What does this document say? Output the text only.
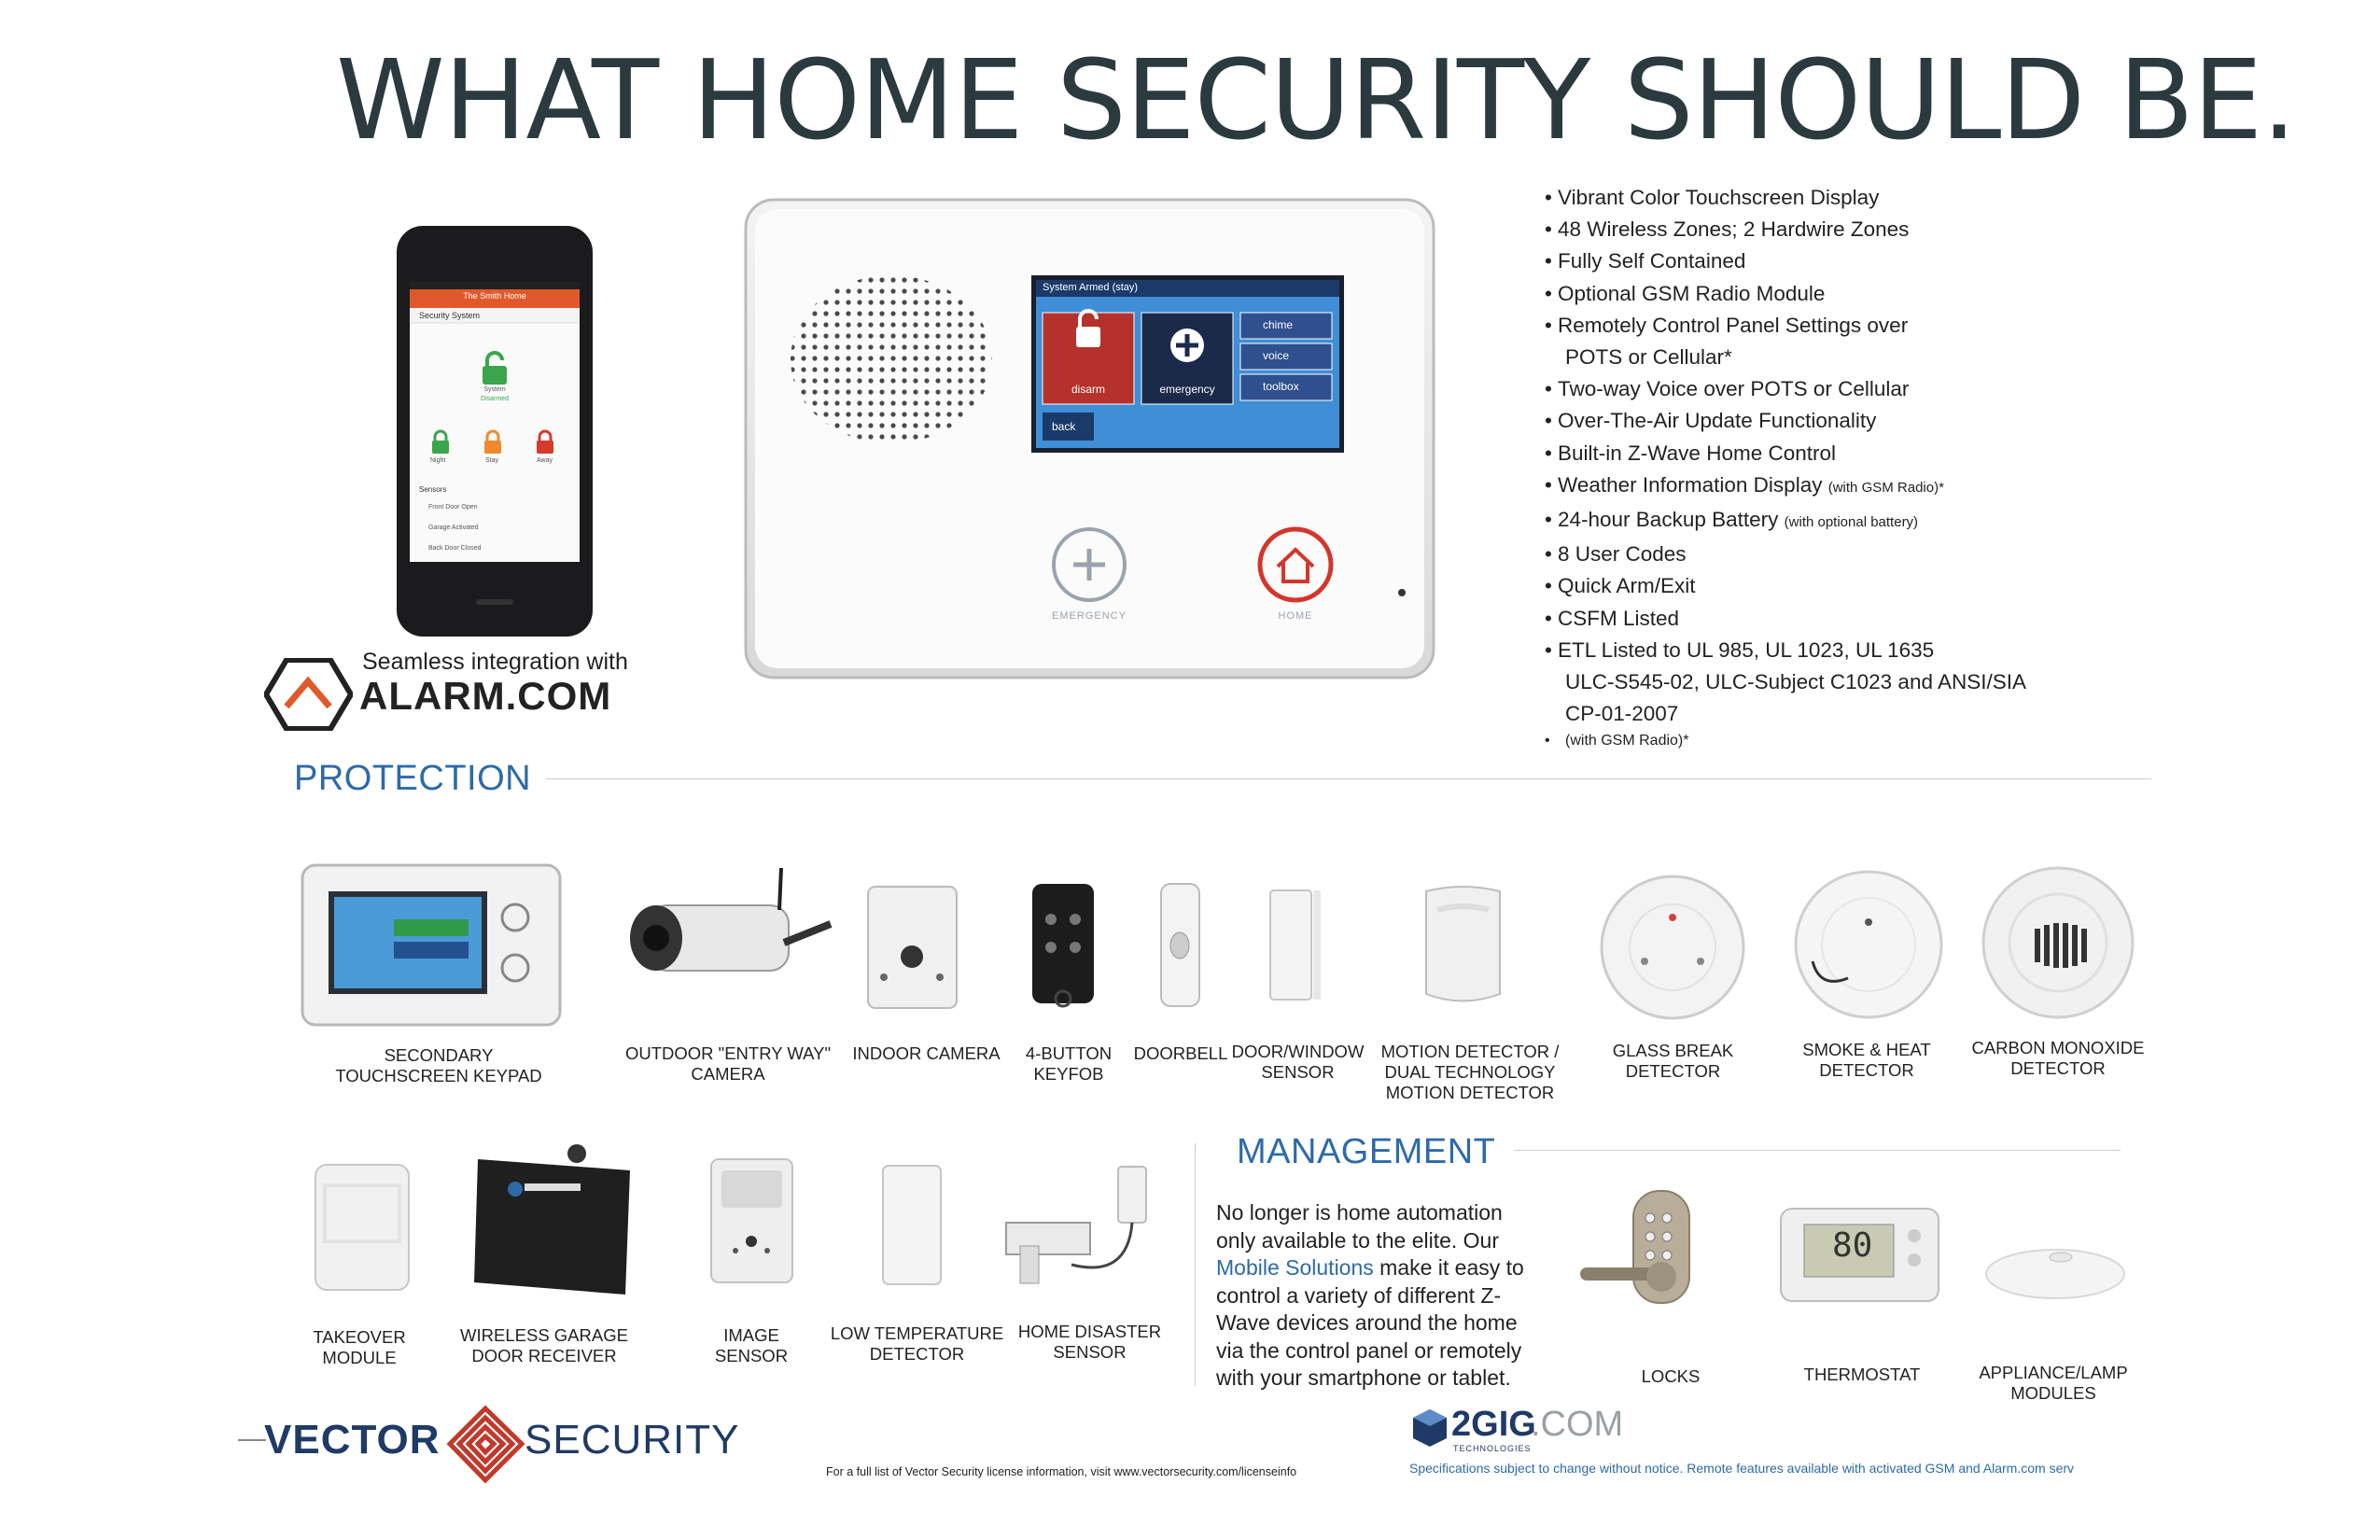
WHAT HOME SECURITY SHOULD BE.
The Smith Home
Security System
System
Disarmed
Night	Stay	Away
Sensors
Front Door Open
Garage Activated
Back Door Closed
Seamless integration with
ALARM.COM
System Armed (stay)
disarm	emergency
chime
voice
toolbox
back
EMERGENCY	HOME
• Vibrant Color Touchscreen Display
• 48 Wireless Zones; 2 Hardwire Zones
• Fully Self Contained
• Optional GSM Radio Module
• Remotely Control Panel Settings over
POTS or Cellular*
• Two-way Voice over POTS or Cellular
• Over-The-Air Update Functionality
• Built-in Z-Wave Home Control
• Weather Information Display (with GSM Radio)*
• 24-hour Backup Battery (with optional battery)
• 8 User Codes
• Quick Arm/Exit
• CSFM Listed
• ETL Listed to UL 985, UL 1023, UL 1635
ULC-S545-02, ULC-Subject C1023 and ANSI/SIA
CP-01-2007
• (with GSM Radio)*
PROTECTION
SECONDARY
TOUCHSCREEN KEYPAD
OUTDOOR "ENTRY WAY"
CAMERA
INDOOR CAMERA	4-BUTTON
KEYFOB
DOORBELL DOOR/WINDOW
SENSOR
MOTION DETECTOR /
DUAL TECHNOLOGY
MOTION DETECTOR
GLASS BREAK
DETECTOR
SMOKE & HEAT
DETECTOR
CARBON MONOXIDE
DETECTOR
TAKEOVER
MODULE
WIRELESS GARAGE
DOOR RECEIVER
IMAGE
SENSOR
LOW TEMPERATURE
DETECTOR
HOME DISASTER
SENSOR
MANAGEMENT
No longer is home automation only available to the elite. Our Mobile Solutions make it easy to control a variety of different Z-Wave devices around the home via the control panel or remotely with your smartphone or tablet.
80
LOCKS	THERMOSTAT	APPLIANCE/LAMP
MODULES
VECTOR SECURITY
For a full list of Vector Security license information, visit www.vectorsecurity.com/licenseinfo
2GIG
.COM
TECHNOLOGIES
Specifications subject to change without notice. Remote features available with activated GSM and Alarm.com serv
